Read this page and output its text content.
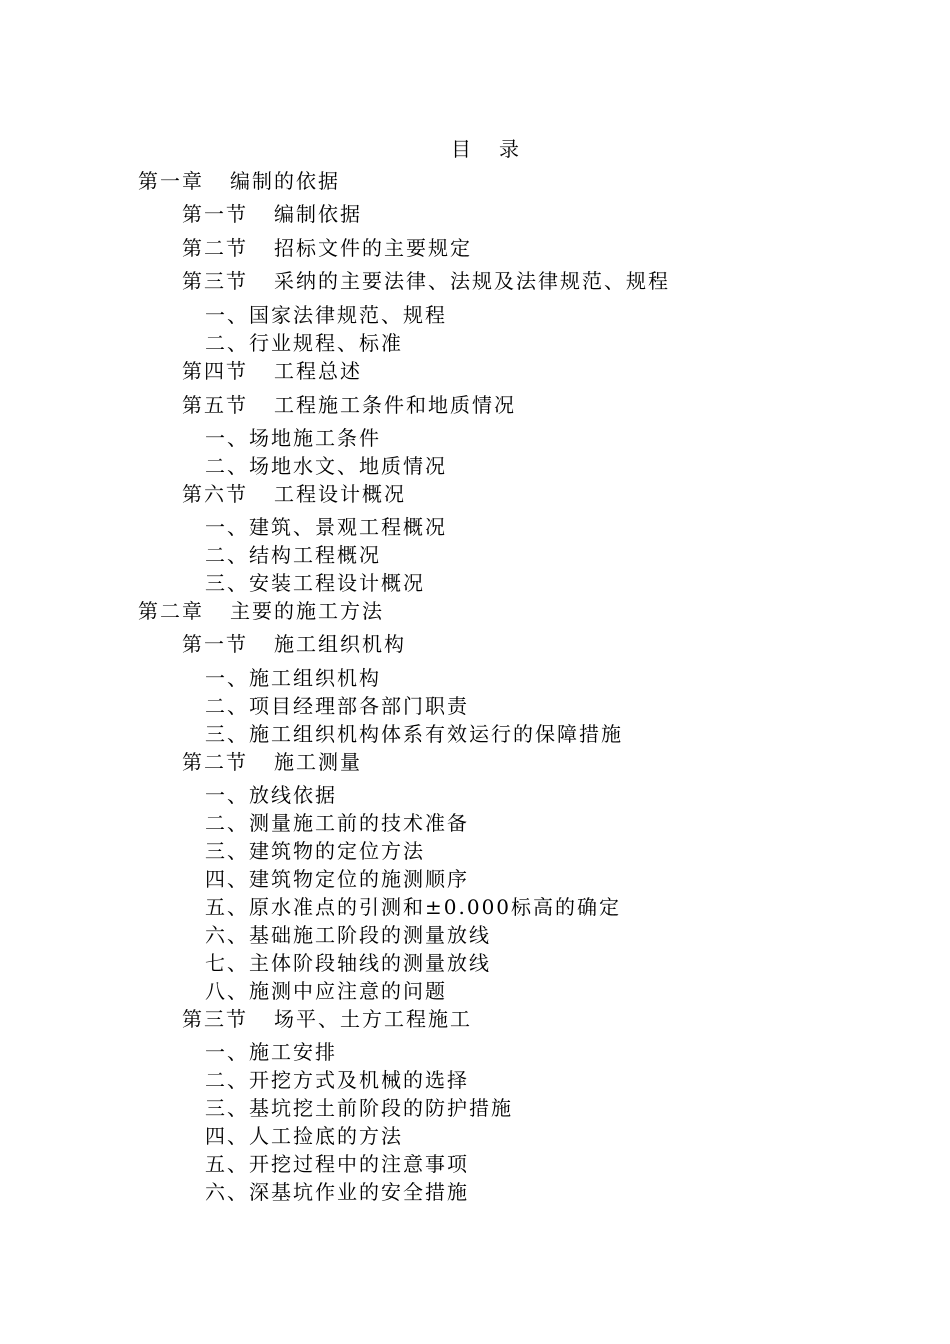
目　录
第一章 编制的依据
第一节 编制依据
第二节 招标文件的主要规定
第三节 采纳的主要法律、法规及法律规范、规程
一、国家法律规范、规程
二、行业规程、标准
第四节 工程总述
第五节 工程施工条件和地质情况
一、场地施工条件
二、场地水文、地质情况
第六节 工程设计概况
一、建筑、景观工程概况
二、结构工程概况
三、安装工程设计概况
第二章 主要的施工方法
第一节 施工组织机构
一、施工组织机构
二、项目经理部各部门职责
三、施工组织机构体系有效运行的保障措施
第二节 施工测量
一、放线依据
二、测量施工前的技术准备
三、建筑物的定位方法
四、建筑物定位的施测顺序
五、原水准点的引测和±0.000标高的确定
六、基础施工阶段的测量放线
七、主体阶段轴线的测量放线
八、施测中应注意的问题
第三节 场平、土方工程施工
一、施工安排
二、开挖方式及机械的选择
三、基坑挖土前阶段的防护措施
四、人工捡底的方法
五、开挖过程中的注意事项
六、深基坑作业的安全措施
